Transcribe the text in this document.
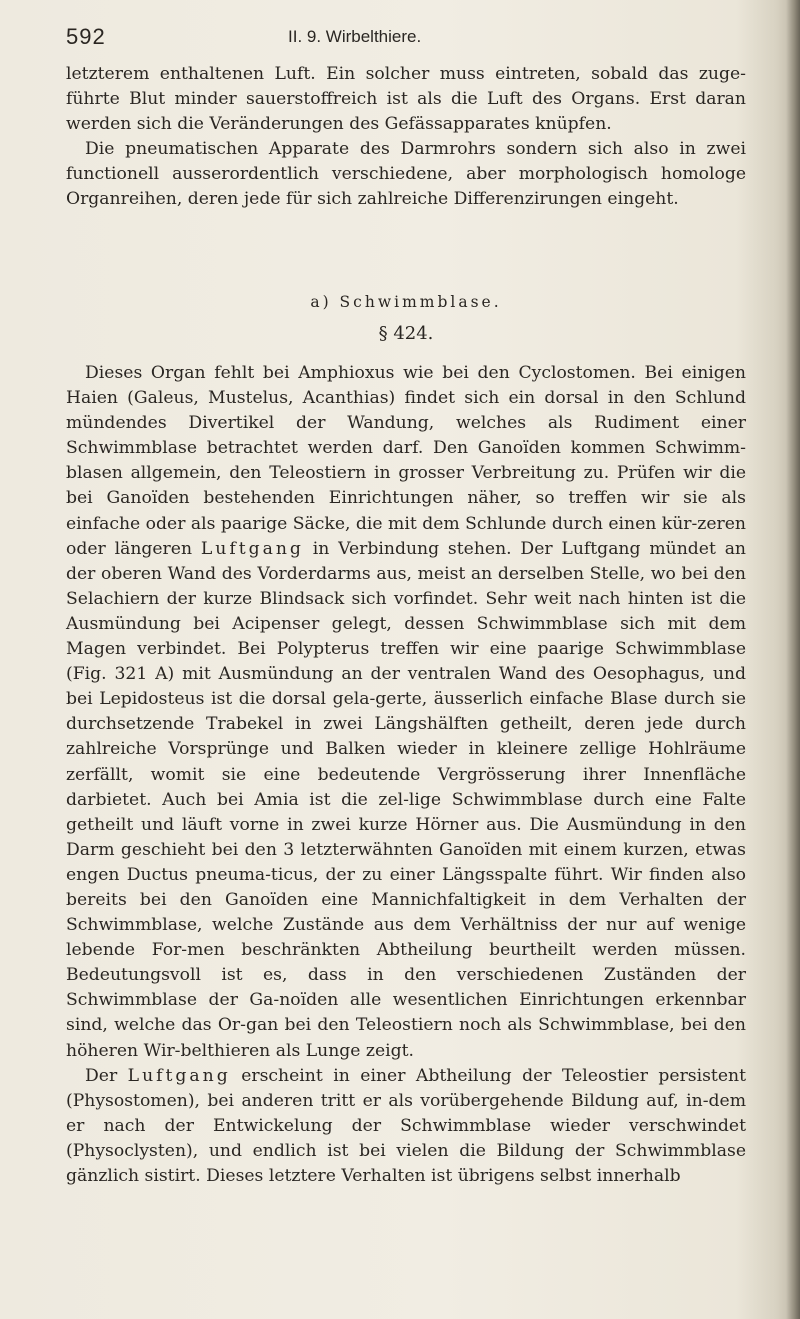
592	II. 9. Wirbelthiere.

letzterem enthaltenen Luft. Ein solcher muss eintreten, sobald das zuge-führte Blut minder sauerstoffreich ist als die Luft des Organs. Erst daran werden sich die Veränderungen des Gefässapparates knüpfen.

Die pneumatischen Apparate des Darmrohrs sondern sich also in zwei functionell ausserordentlich verschiedene, aber morphologisch homologe Organreihen, deren jede für sich zahlreiche Differenzirungen eingeht.

a) Schwimmblase.
§ 424.

Dieses Organ fehlt bei Amphioxus wie bei den Cyclostomen. Bei einigen Haien (Galeus, Mustelus, Acanthias) findet sich ein dorsal in den Schlund mündendes Divertikel der Wandung, welches als Rudiment einer Schwimmblase betrachtet werden darf. Den Ganoïden kommen Schwimm-blasen allgemein, den Teleostiern in grosser Verbreitung zu. Prüfen wir die bei Ganoïden bestehenden Einrichtungen näher, so treffen wir sie als einfache oder als paarige Säcke, die mit dem Schlunde durch einen kür-zeren oder längeren Luftgang in Verbindung stehen. Der Luftgang mündet an der oberen Wand des Vorderdarms aus, meist an derselben Stelle, wo bei den Selachiern der kurze Blindsack sich vorfindet. Sehr weit nach hinten ist die Ausmündung bei Acipenser gelegt, dessen Schwimmblase sich mit dem Magen verbindet. Bei Polypterus treffen wir eine paarige Schwimmblase (Fig. 321 A) mit Ausmündung an der ventralen Wand des Oesophagus, und bei Lepidosteus ist die dorsal gela-gerte, äusserlich einfache Blase durch sie durchsetzende Trabekel in zwei Längshälften getheilt, deren jede durch zahlreiche Vorsprünge und Balken wieder in kleinere zellige Hohlräume zerfällt, womit sie eine bedeutende Vergrösserung ihrer Innenfläche darbietet. Auch bei Amia ist die zel-lige Schwimmblase durch eine Falte getheilt und läuft vorne in zwei kurze Hörner aus. Die Ausmündung in den Darm geschieht bei den 3 letzterwähnten Ganoïden mit einem kurzen, etwas engen Ductus pneuma-ticus, der zu einer Längsspalte führt. Wir finden also bereits bei den Ganoïden eine Mannichfaltigkeit in dem Verhalten der Schwimmblase, welche Zustände aus dem Verhältniss der nur auf wenige lebende For-men beschränkten Abtheilung beurtheilt werden müssen. Bedeutungsvoll ist es, dass in den verschiedenen Zuständen der Schwimmblase der Ga-noïden alle wesentlichen Einrichtungen erkennbar sind, welche das Or-gan bei den Teleostiern noch als Schwimmblase, bei den höheren Wir-belthieren als Lunge zeigt.

Der Luftgang erscheint in einer Abtheilung der Teleostier persistent (Physostomen), bei anderen tritt er als vorübergehende Bildung auf, in-dem er nach der Entwickelung der Schwimmblase wieder verschwindet (Physoclysten), und endlich ist bei vielen die Bildung der Schwimmblase gänzlich sistirt. Dieses letztere Verhalten ist übrigens selbst innerhalb
